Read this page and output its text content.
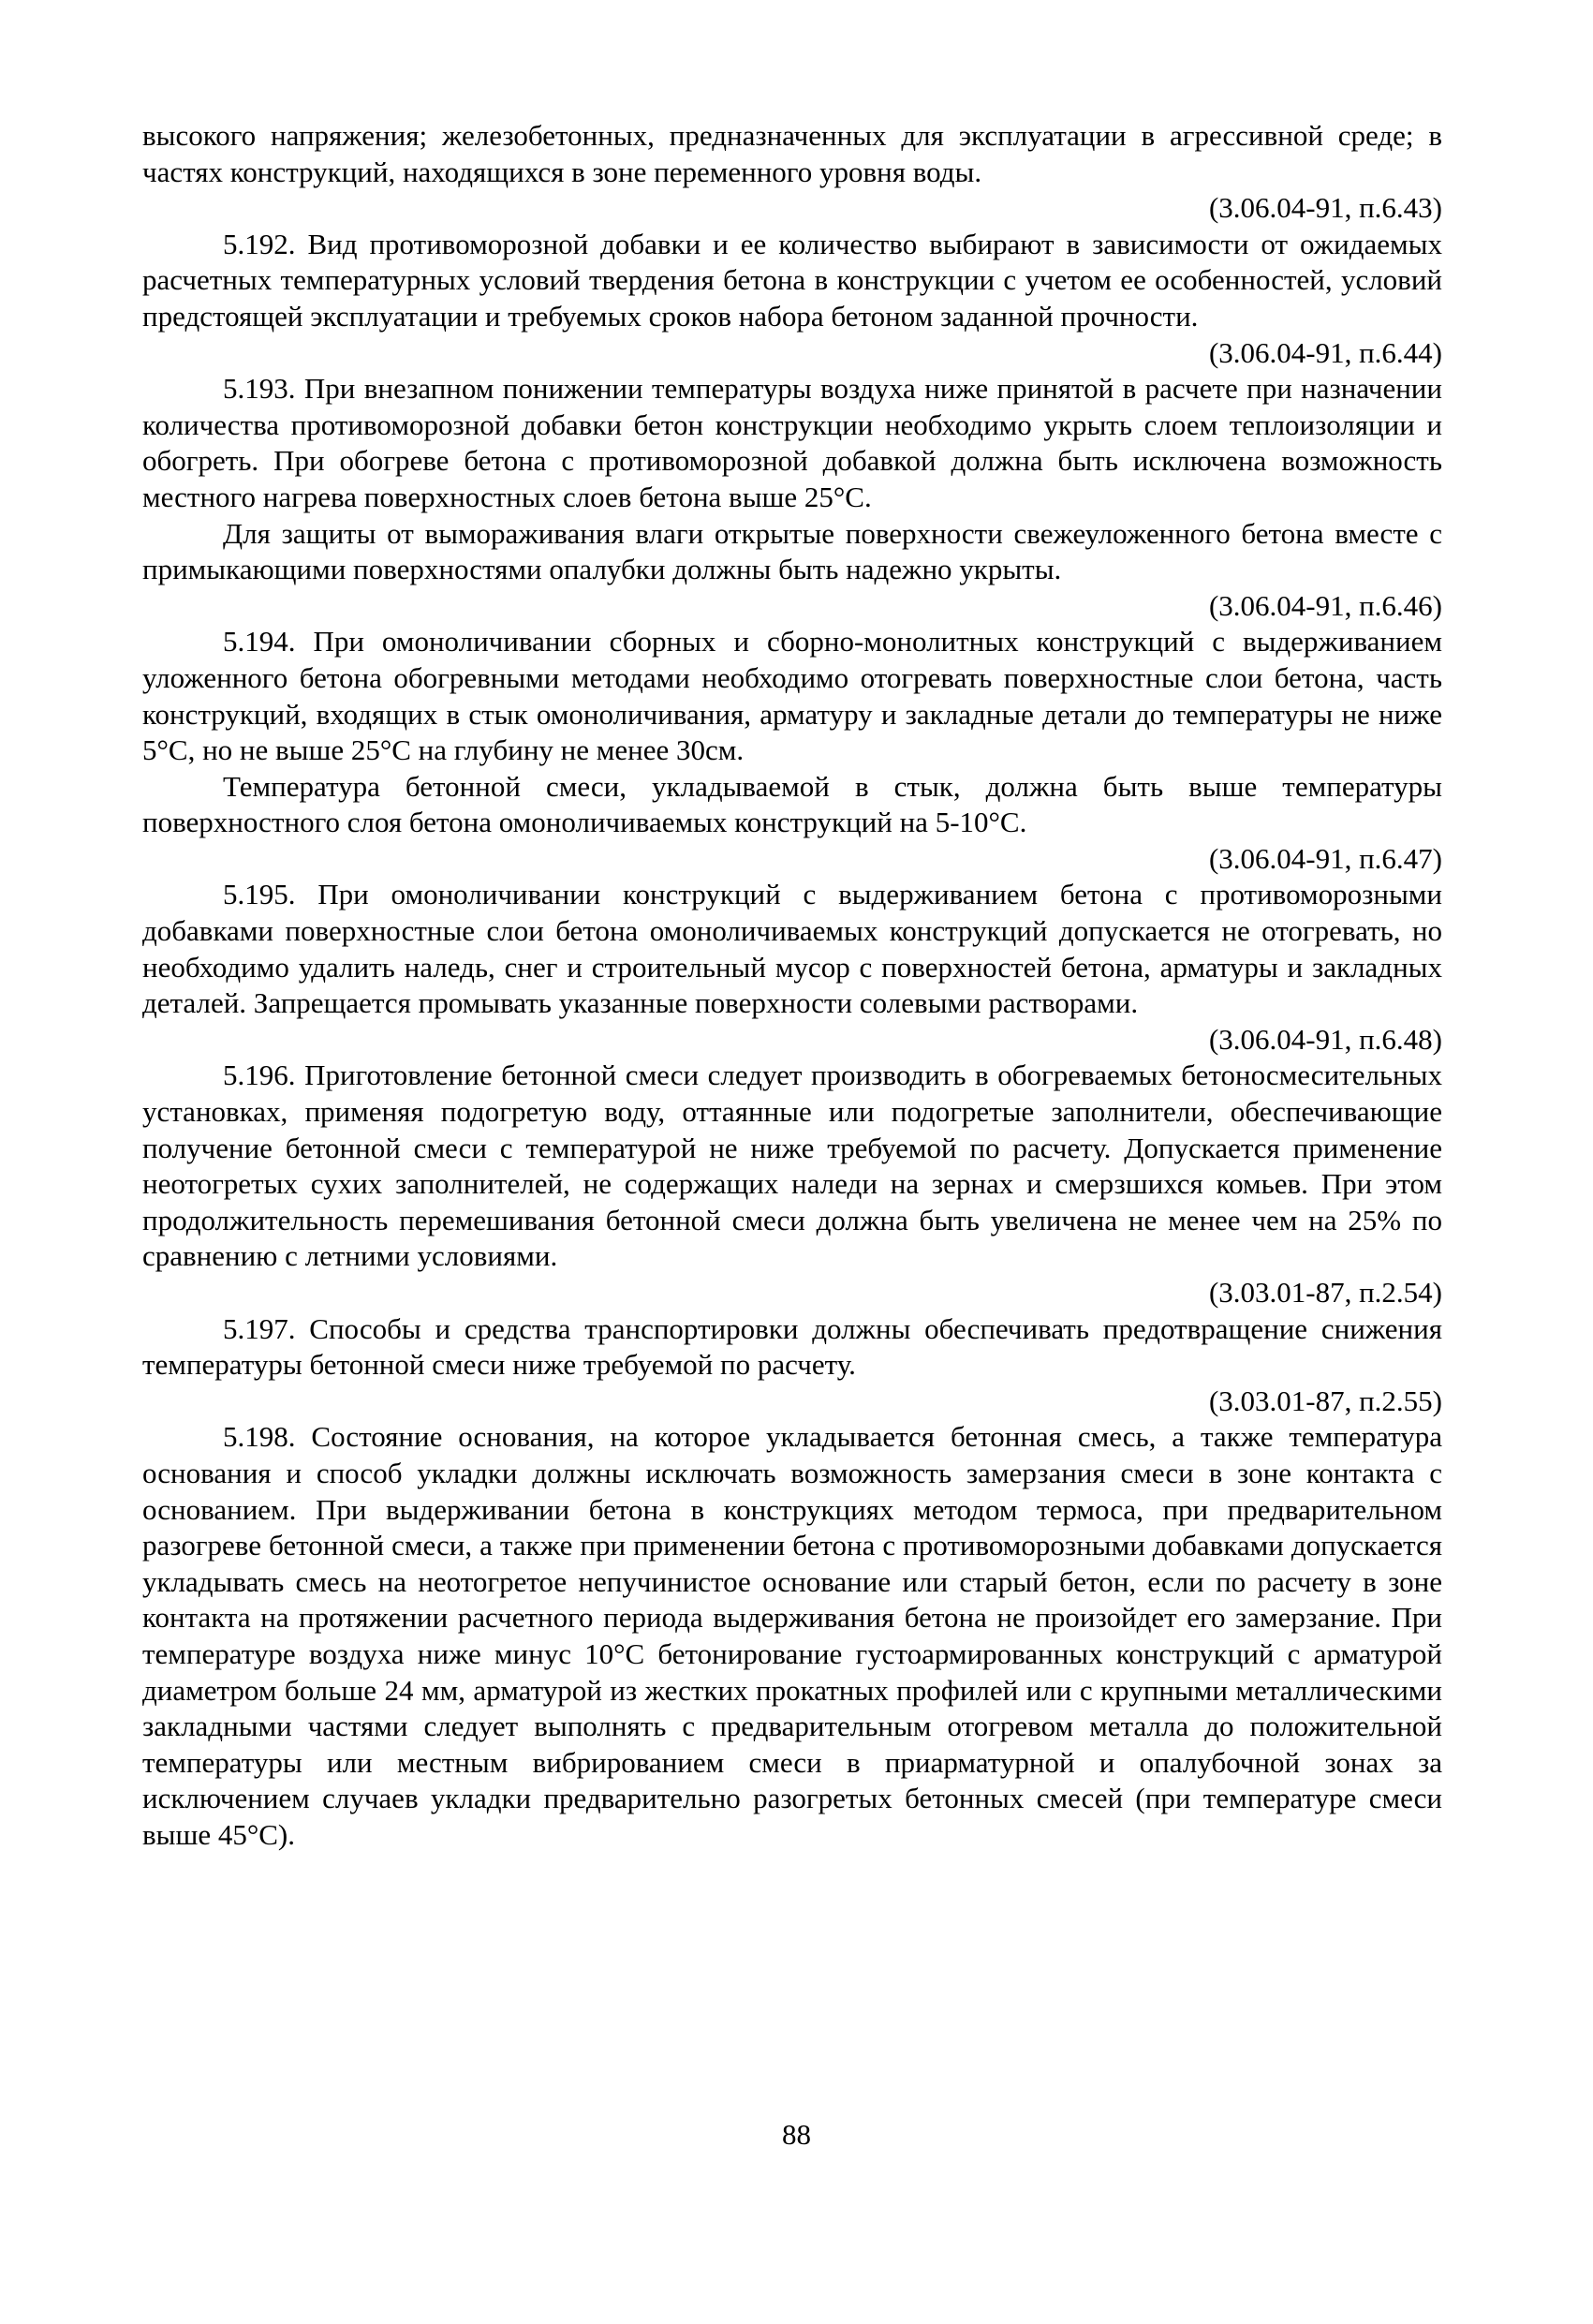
высокого напряжения; железобетонных, предназначенных для эксплуатации в агрессивной среде; в частях конструкций, находящихся в зоне переменного уровня воды.

(3.06.04-91, п.6.43)

5.192. Вид противоморозной добавки и ее количество выбирают в зависимости от ожидаемых расчетных температурных условий твердения бетона в конструкции с учетом ее особенностей, условий предстоящей эксплуатации и требуемых сроков набора бетоном заданной прочности.

(3.06.04-91, п.6.44)

5.193. При внезапном понижении температуры воздуха ниже принятой в расчете при назначении количества противоморозной добавки бетон конструкции необходимо укрыть слоем теплоизоляции и обогреть. При обогреве бетона с противоморозной добавкой должна быть исключена возможность местного нагрева поверхностных слоев бетона выше 25°С.

Для защиты от вымораживания влаги открытые поверхности свежеуложенного бетона вместе с примыкающими поверхностями опалубки должны быть надежно укрыты.

(3.06.04-91, п.6.46)

5.194. При омоноличивании сборных и сборно-монолитных конструкций с выдерживанием уложенного бетона обогревными методами необходимо отогревать поверхностные слои бетона, часть конструкций, входящих в стык омоноличивания, арматуру и закладные детали до температуры не ниже 5°С, но не выше 25°С на глубину не менее 30см.

Температура бетонной смеси, укладываемой в стык, должна быть выше температуры поверхностного слоя бетона омоноличиваемых конструкций на 5-10°С.

(3.06.04-91, п.6.47)

5.195. При омоноличивании конструкций с выдерживанием бетона с противоморозными добавками поверхностные слои бетона омоноличиваемых конструкций допускается не отогревать, но необходимо удалить наледь, снег и строительный мусор с поверхностей бетона, арматуры и закладных деталей. Запрещается промывать указанные поверхности солевыми растворами.

(3.06.04-91, п.6.48)

5.196. Приготовление бетонной смеси следует производить в обогреваемых бетоносмесительных установках, применяя подогретую воду, оттаянные или подогретые заполнители, обеспечивающие получение бетонной смеси с температурой не ниже требуемой по расчету. Допускается применение неотогретых сухих заполнителей, не содержащих наледи на зернах и смерзшихся комьев. При этом продолжительность перемешивания бетонной смеси должна быть увеличена не менее чем на 25% по сравнению с летними условиями.

(3.03.01-87, п.2.54)

5.197. Способы и средства транспортировки должны обеспечивать предотвращение снижения температуры бетонной смеси ниже требуемой по расчету.

(3.03.01-87, п.2.55)

5.198. Состояние основания, на которое укладывается бетонная смесь, а также температура основания и способ укладки должны исключать возможность замерзания смеси в зоне контакта с основанием. При выдерживании бетона в конструкциях методом термоса, при предварительном разогреве бетонной смеси, а также при применении бетона с противоморозными добавками допускается укладывать смесь на неотогретое непучинистое основание или старый бетон, если по расчету в зоне контакта на протяжении расчетного периода выдерживания бетона не произойдет его замерзание. При температуре воздуха ниже минус 10°С бетонирование густоармированных конструкций с арматурой диаметром больше 24 мм, арматурой из жестких прокатных профилей или с крупными металлическими закладными частями следует выполнять с предварительным отогревом металла до положительной температуры или местным вибрированием смеси в приарматурной и опалубочной зонах за исключением случаев укладки предварительно разогретых бетонных смесей (при температуре смеси выше 45°С).

88
